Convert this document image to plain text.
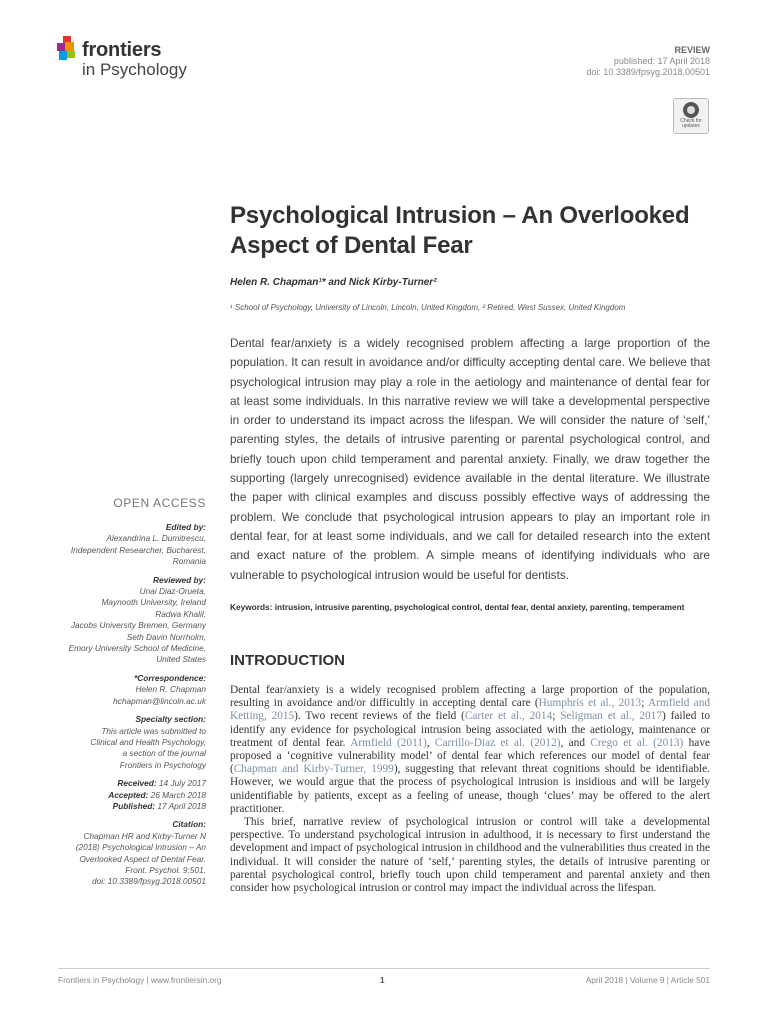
frontiers
in Psychology
REVIEW
published: 17 April 2018
doi: 10.3389/fpsyg.2018.00501
Check for
updates
Psychological Intrusion – An Overlooked Aspect of Dental Fear
Helen R. Chapman¹* and Nick Kirby-Turner²
¹ School of Psychology, University of Lincoln, Lincoln, United Kingdom, ² Retired, West Sussex, United Kingdom
Dental fear/anxiety is a widely recognised problem affecting a large proportion of the population. It can result in avoidance and/or difficulty accepting dental care. We believe that psychological intrusion may play a role in the aetiology and maintenance of dental fear for at least some individuals. In this narrative review we will take a developmental perspective in order to understand its impact across the lifespan. We will consider the nature of ‘self,’ parenting styles, the details of intrusive parenting or parental psychological control, and briefly touch upon child temperament and parental anxiety. Finally, we draw together the supporting (largely unrecognised) evidence available in the dental literature. We illustrate the paper with clinical examples and discuss possibly effective ways of addressing the problem. We conclude that psychological intrusion appears to play an important role in dental fear, for at least some individuals, and we call for detailed research into the extent and exact nature of the problem. A simple means of identifying individuals who are vulnerable to psychological intrusion would be useful for dentists.
Keywords: intrusion, intrusive parenting, psychological control, dental fear, dental anxiety, parenting, temperament
INTRODUCTION

Dental fear/anxiety is a widely recognised problem affecting a large proportion of the population, resulting in avoidance and/or difficultly in accepting dental care (Humphris et al., 2013; Armfield and Ketting, 2015). Two recent reviews of the field (Carter et al., 2014; Seligman et al., 2017) failed to identify any evidence for psychological intrusion being associated with the aetiology, maintenance or treatment of dental fear. Armfield (2011), Carrillo-Diaz et al. (2012), and Crego et al. (2013) have proposed a ‘cognitive vulnerability model’ of dental fear which references our model of dental fear (Chapman and Kirby-Turner, 1999), suggesting that relevant threat cognitions should be identifiable. However, we would argue that the process of psychological intrusion is insidious and will be largely unidentifiable by patients, except as a feeling of unease, though ‘clues’ may be offered to the alert practitioner.

This brief, narrative review of psychological intrusion or control will take a developmental perspective. To understand psychological intrusion in adulthood, it is necessary to first understand the development and impact of psychological intrusion in childhood and the vulnerabilities thus created in the individual. It will consider the nature of ‘self,’ parenting styles, the details of intrusive parenting or parental psychological control, briefly touch upon child temperament and parental anxiety and then consider how psychological intrusion or control may impact the individual across the lifespan.

OPEN ACCESS
Edited by:
Alexandrina L. Dumitrescu,
Independent Researcher, Bucharest,
Romania
Reviewed by:
Unai Diaz-Orueta,
Maynooth University, Ireland
Radwa Khalil,
Jacobs University Bremen, Germany
Seth Davin Norrholm,
Emory University School of Medicine,
United States
*Correspondence:
Helen R. Chapman
hchapman@lincoln.ac.uk
Specialty section:
This article was submitted to
Clinical and Health Psychology,
a section of the journal
Frontiers in Psychology
Received: 14 July 2017
Accepted: 26 March 2018
Published: 17 April 2018
Citation:
Chapman HR and Kirby-Turner N
(2018) Psychological Intrusion – An
Overlooked Aspect of Dental Fear.
Front. Psychol. 9:501.
doi: 10.3389/fpsyg.2018.00501
Frontiers in Psychology | www.frontiersin.org	1	April 2018 | Volume 9 | Article 501
